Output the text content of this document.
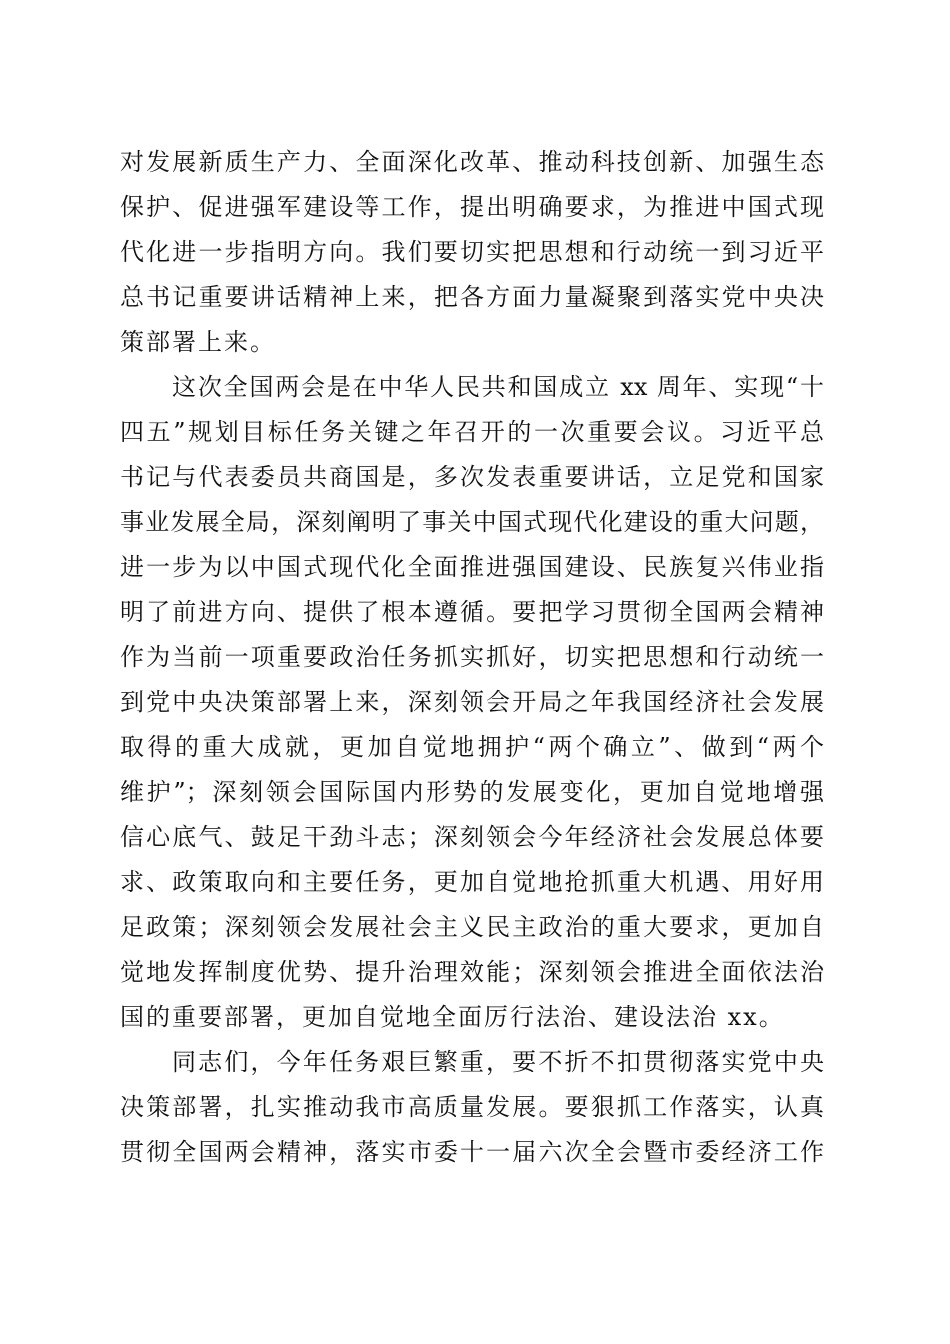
对发展新质生产力、全面深化改革、推动科技创新、加强生态
保护、促进强军建设等工作，提出明确要求，为推进中国式现
代化进一步指明方向。我们要切实把思想和行动统一到习近平
总书记重要讲话精神上来，把各方面力量凝聚到落实党中央决
策部署上来。
这次全国两会是在中华人民共和国成立 xx 周年、实现“十
四五”规划目标任务关键之年召开的一次重要会议。习近平总
书记与代表委员共商国是，多次发表重要讲话，立足党和国家
事业发展全局，深刻阐明了事关中国式现代化建设的重大问题，
进一步为以中国式现代化全面推进强国建设、民族复兴伟业指
明了前进方向、提供了根本遵循。要把学习贯彻全国两会精神
作为当前一项重要政治任务抓实抓好，切实把思想和行动统一
到党中央决策部署上来，深刻领会开局之年我国经济社会发展
取得的重大成就，更加自觉地拥护“两个确立”、做到“两个
维护”；深刻领会国际国内形势的发展变化，更加自觉地增强
信心底气、鼓足干劲斗志；深刻领会今年经济社会发展总体要
求、政策取向和主要任务，更加自觉地抢抓重大机遇、用好用
足政策；深刻领会发展社会主义民主政治的重大要求，更加自
觉地发挥制度优势、提升治理效能；深刻领会推进全面依法治
国的重要部署，更加自觉地全面厉行法治、建设法治 xx。
同志们，今年任务艰巨繁重，要不折不扣贯彻落实党中央
决策部署，扎实推动我市高质量发展。要狠抓工作落实，认真
贯彻全国两会精神，落实市委十一届六次全会暨市委经济工作
